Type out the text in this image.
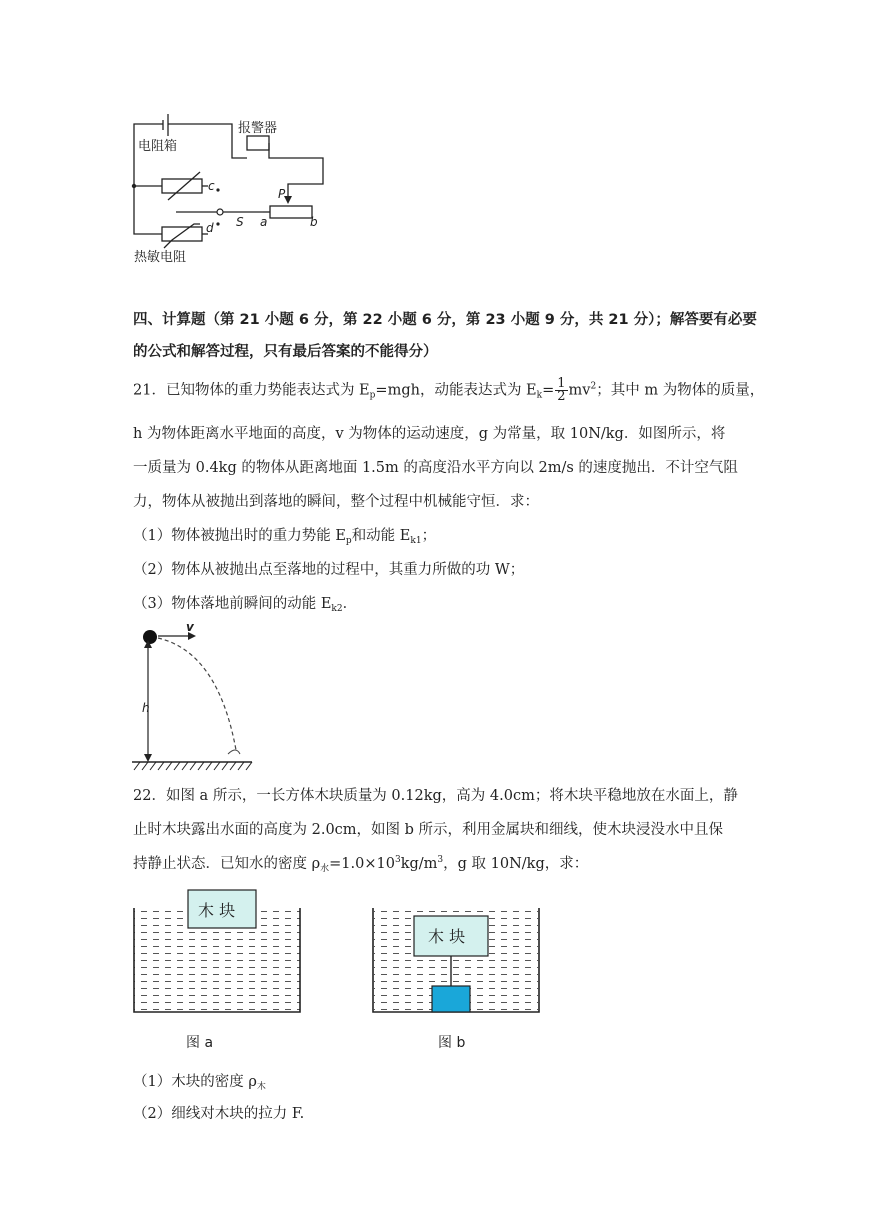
报警器
电阻箱
热敏电阻
c
d S a	b
P
四、计算题（第 21 小题 6 分，第 22 小题 6 分，第 23 小题 9 分，共 21 分）；解答要有必要
的公式和解答过程，只有最后答案的不能得分）
21．已知物体的重力势能表达式为 $E_p=mgh$，动能表达式为 $E_k= \frac{1}{2} mv^2$；其中 m 为物体的质量，
h 为物体距离水平地面的高度，v 为物体的运动速度，g 为常量，取 10N/kg．如图所示，将
一质量为 0.4kg 的物体从距离地面 1.5m 的高度沿水平方向以 2m/s 的速度抛出．不计空气阻
力，物体从被抛出到落地的瞬间，整个过程中机械能守恒．求：
（1）物体被抛出时的重力势能 $E_p$和动能 $E_{k1}$；
（2）物体从被抛出点至落地的过程中，其重力所做的功 W；
（3）物体落地前瞬间的动能 $E_{k2}$．
v
h
22．如图 a 所示，一长方体木块质量为 0.12kg，高为 4.0cm；将木块平稳地放在水面上，静
止时木块露出水面的高度为 2.0cm，如图 b 所示，利用金属块和细线，使木块浸没水中且保
持静止状态．已知水的密度 $\rho_水=1.0\times 10^3kg/m^3$，g 取 10N/kg，求：
木 块
图 a
木 块
图 b
（1）木块的密度 $\rho_木$
（2）细线对木块的拉力 F.
